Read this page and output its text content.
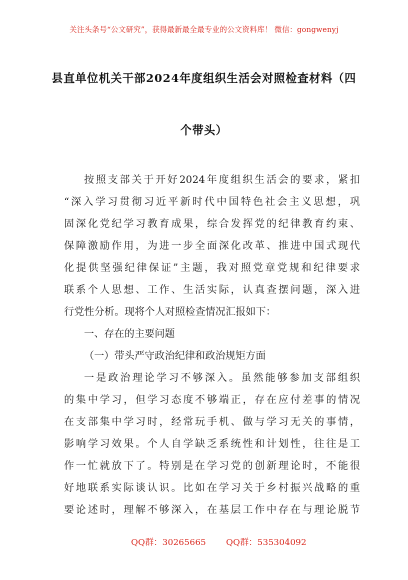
关注头条号“公文研究”，获得最新最全最专业的公文资料库！ 微信：gongwenyj
县直单位机关干部2024年度组织生活会对照检查材料（四
个带头）
按照支部关于开好2024年度组织生活会的要求，紧扣
“深入学习贯彻习近平新时代中国特色社会主义思想，巩
固深化党纪学习教育成果，综合发挥党的纪律教育约束、
保障激励作用，为进一步全面深化改革、推进中国式现代
化提供坚强纪律保证”主题，我对照党章党规和纪律要求
联系个人思想、工作、生活实际，认真查摆问题，深入进
行党性分析。现将个人对照检查情况汇报如下：
一、存在的主要问题
（一）带头严守政治纪律和政治规矩方面
一是政治理论学习不够深入。虽然能够参加支部组织
的集中学习，但学习态度不够端正，存在应付差事的情况
在支部集中学习时，经常玩手机、做与学习无关的事情，
影响学习效果。个人自学缺乏系统性和计划性，往往是工
作一忙就放下了。特别是在学习党的创新理论时，不能很
好地联系实际谈认识。比如在学习关于乡村振兴战略的重
要论述时，理解不够深入，在基层工作中存在与理论脱节
QQ群：30265665 QQ群：535304092
